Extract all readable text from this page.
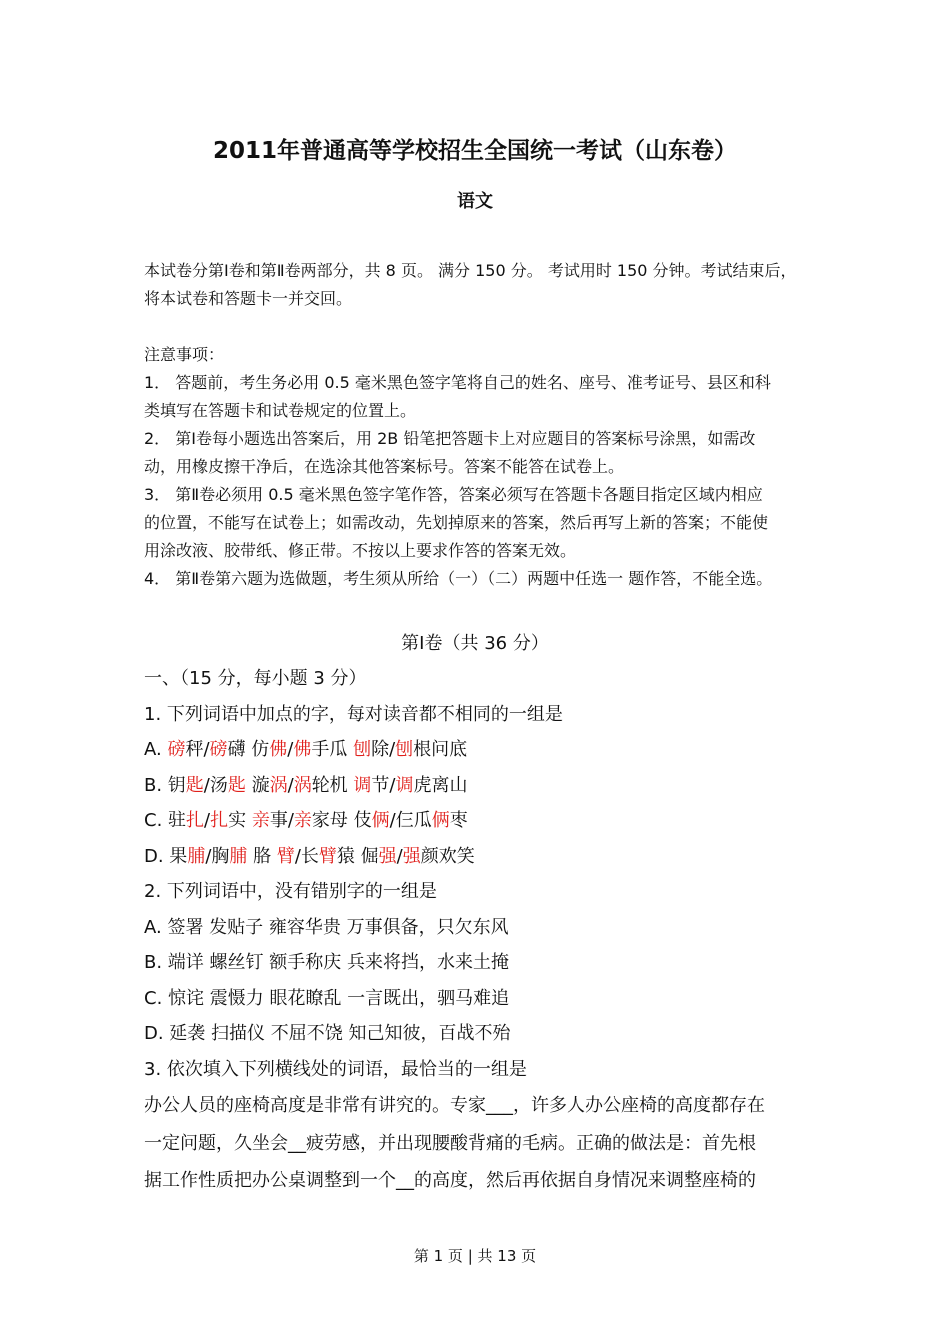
2011年普通高等学校招生全国统一考试（山东卷）
语文
本试卷分第Ⅰ卷和第Ⅱ卷两部分，共 8 页。 满分 150 分。 考试用时 150 分钟。考试结束后，
将本试卷和答题卡一并交回。
注意事项：
1． 答题前，考生务必用 0.5 毫米黑色签字笔将自己的姓名、座号、准考证号、县区和科
类填写在答题卡和试卷规定的位置上。
2． 第Ⅰ卷每小题选出答案后，用 2B 铅笔把答题卡上对应题目的答案标号涂黑，如需改
动，用橡皮擦干净后，在选涂其他答案标号。答案不能答在试卷上。
3． 第Ⅱ卷必须用 0.5 毫米黑色签字笔作答，答案必须写在答题卡各题目指定区域内相应
的位置，不能写在试卷上；如需改动，先划掉原来的答案，然后再写上新的答案；不能使
用涂改液、胶带纸、修正带。不按以上要求作答的答案无效。
4． 第Ⅱ卷第六题为选做题，考生须从所给（一）（二）两题中任选一 题作答，不能全选。
第Ⅰ卷（共 36 分）
一、（15 分，每小题 3 分）
1. 下列词语中加点的字，每对读音都不相同的一组是
A. 磅秤/磅礴 仿佛/佛手瓜 刨除/刨根问底
B. 钥匙/汤匙 漩涡/涡轮机 调节/调虎离山
C. 驻扎/扎实 亲事/亲家母 伎俩/仨瓜俩枣
D. 果脯/胸脯 胳 臂/长臂猿 倔强/强颜欢笑
2. 下列词语中，没有错别字的一组是
A. 签署 发贴子 雍容华贵 万事俱备，只欠东风
B. 端详 螺丝钉 额手称庆 兵来将挡，水来土掩
C. 惊诧 震慑力 眼花瞭乱 一言既出，驷马难追
D. 延袭 扫描仪 不屈不饶 知己知彼，百战不殆
3. 依次填入下列横线处的词语，最恰当的一组是
办公人员的座椅高度是非常有讲究的。专家___，许多人办公座椅的高度都存在
一定问题，久坐会__疲劳感，并出现腰酸背痛的毛病。正确的做法是：首先根
据工作性质把办公桌调整到一个__的高度，然后再依据自身情况来调整座椅的
第 1 页 | 共 13 页
